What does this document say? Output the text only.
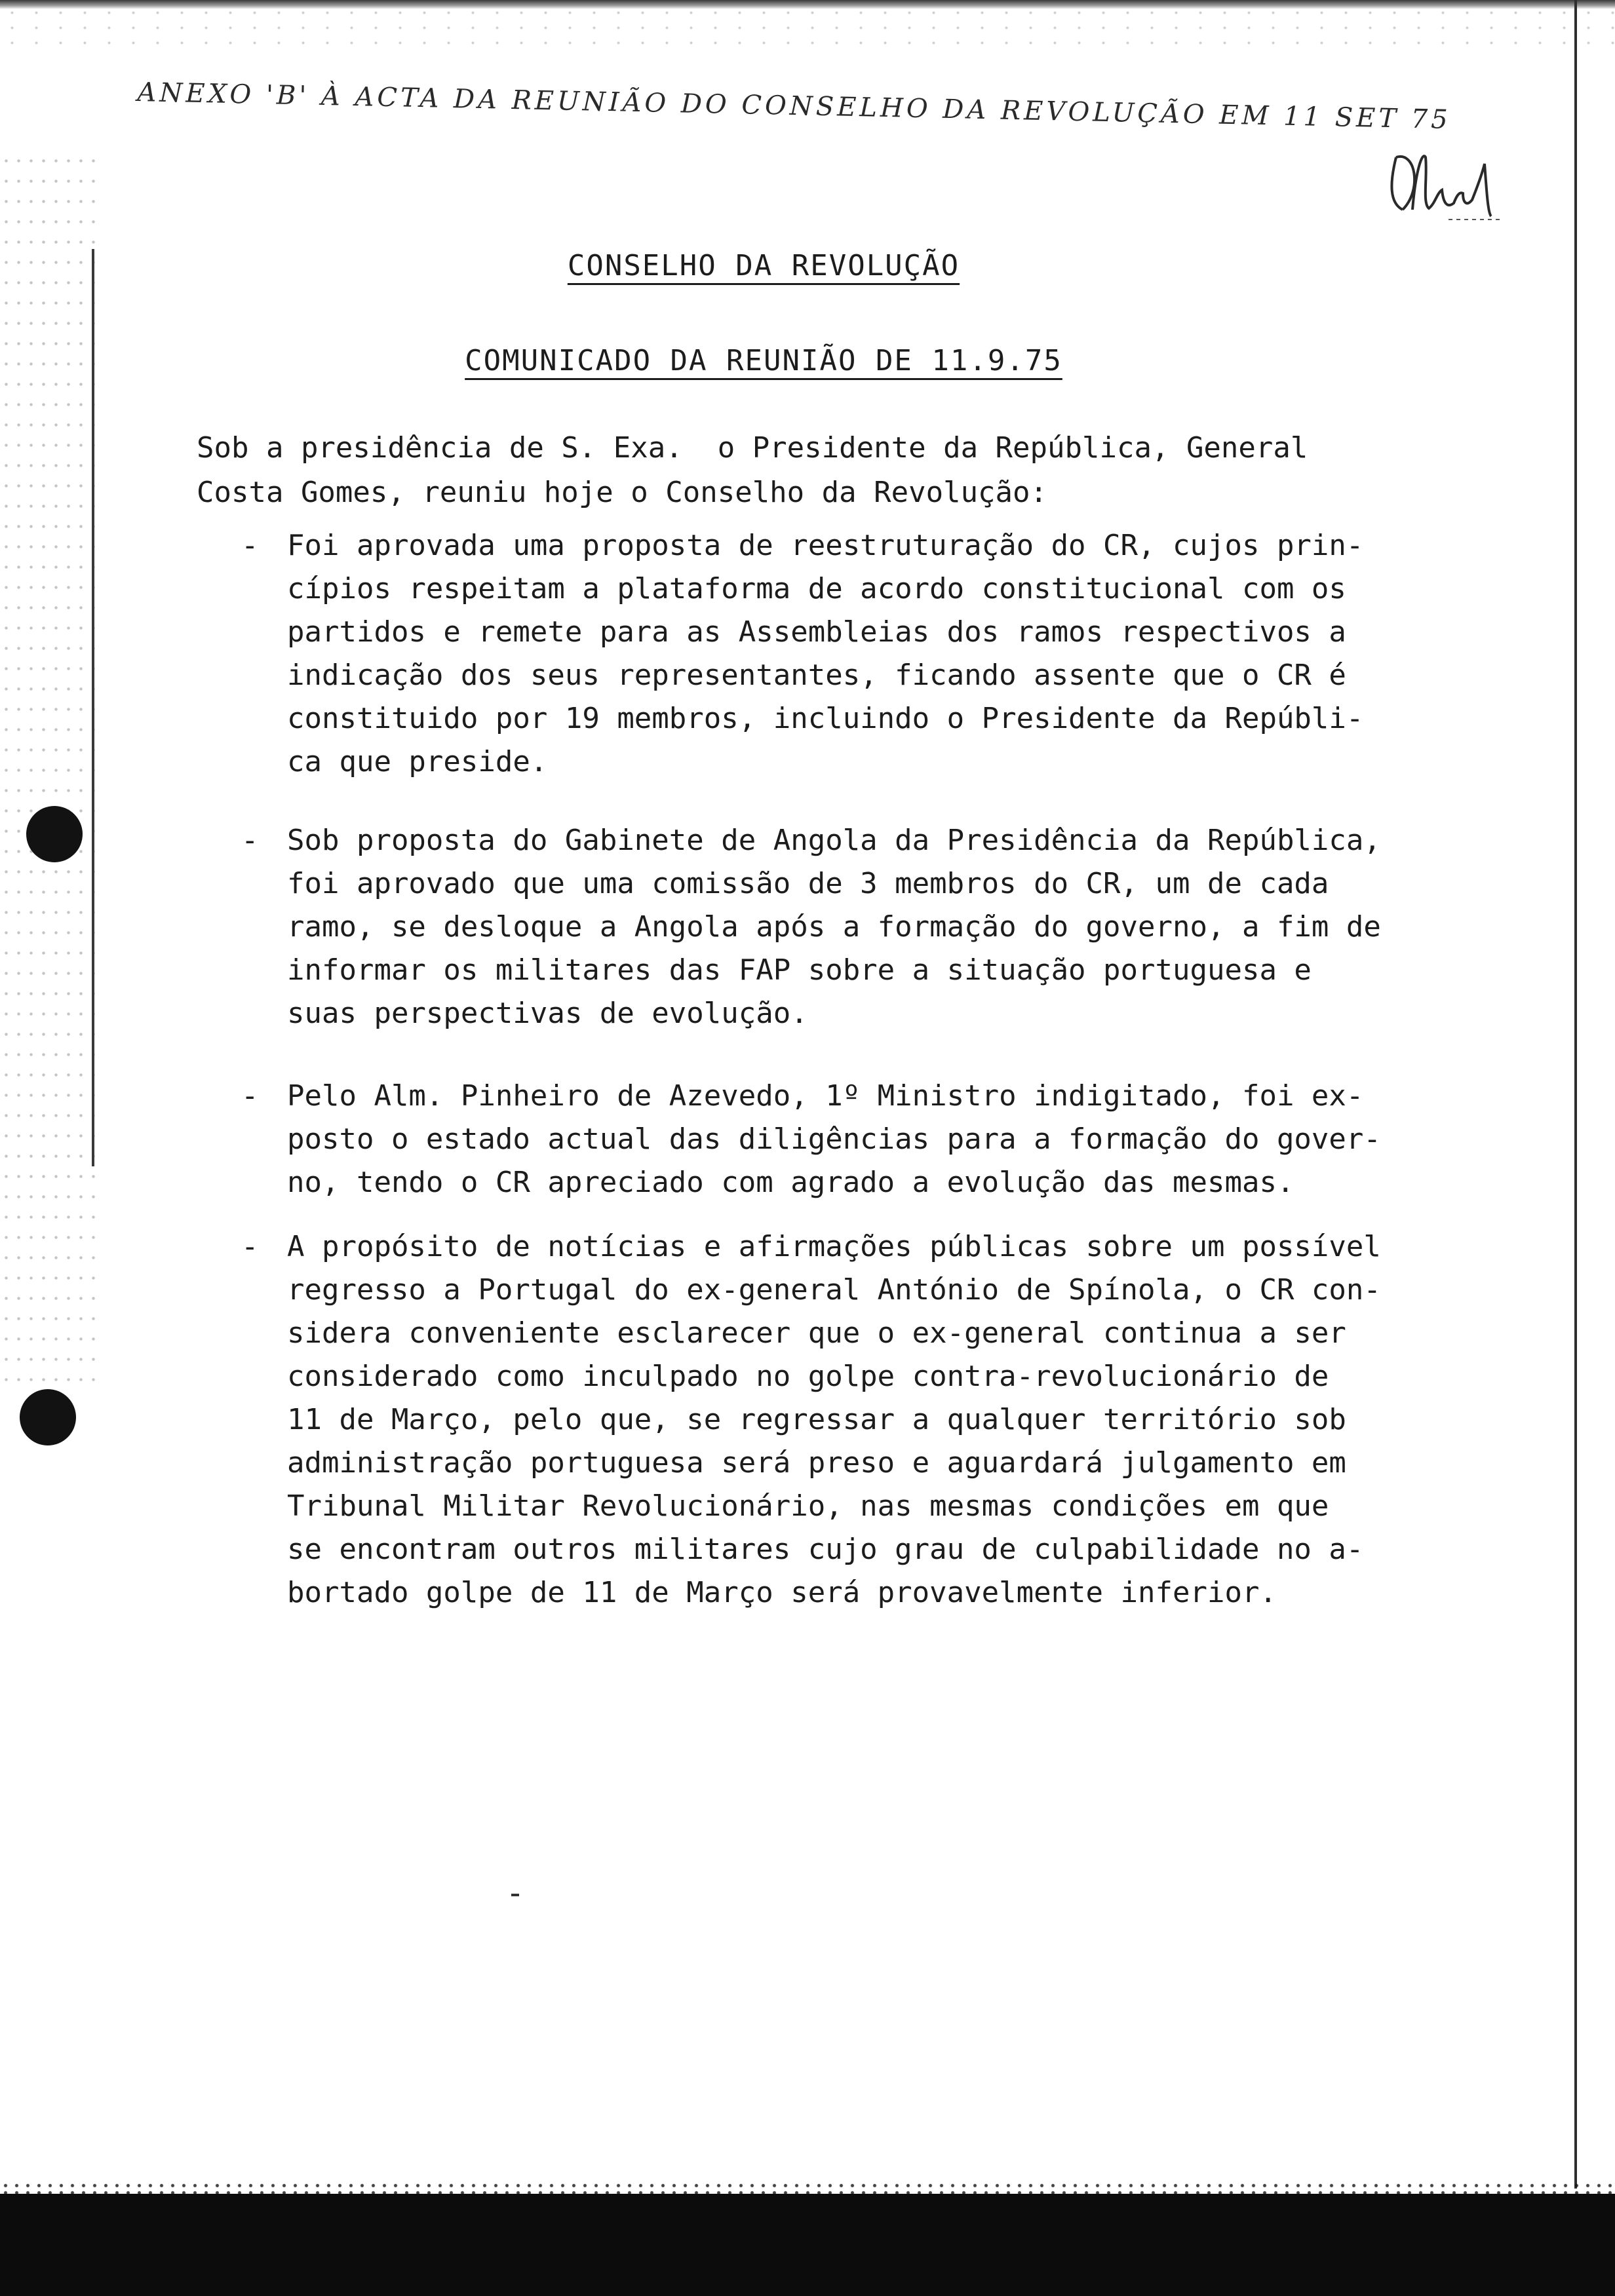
ANEXO 'B' À ACTA DA REUNIÃO DO CONSELHO DA REVOLUÇÃO EM 11 SET 75
CONSELHO DA REVOLUÇÃO
COMUNICADO DA REUNIÃO DE 11.9.75
Sob a presidência de S. Exa.  o Presidente da República, General
Costa Gomes, reuniu hoje o Conselho da Revolução:
- Foi aprovada uma proposta de reestruturação do CR, cujos prin-
cípios respeitam a plataforma de acordo constitucional com os
partidos e remete para as Assembleias dos ramos respectivos a
indicação dos seus representantes, ficando assente que o CR é
constituido por 19 membros, incluindo o Presidente da Repúbli-
ca que preside.
- Sob proposta do Gabinete de Angola da Presidência da República,
foi aprovado que uma comissão de 3 membros do CR, um de cada
ramo, se desloque a Angola após a formação do governo, a fim de
informar os militares das FAP sobre a situação portuguesa e
suas perspectivas de evolução.
- Pelo Alm. Pinheiro de Azevedo, 1º Ministro indigitado, foi ex-
posto o estado actual das diligências para a formação do gover-
no, tendo o CR apreciado com agrado a evolução das mesmas.
- A propósito de notícias e afirmações públicas sobre um possível
regresso a Portugal do ex-general António de Spínola, o CR con-
sidera conveniente esclarecer que o ex-general continua a ser
considerado como inculpado no golpe contra-revolucionário de
11 de Março, pelo que, se regressar a qualquer território sob
administração portuguesa será preso e aguardará julgamento em
Tribunal Militar Revolucionário, nas mesmas condições em que
se encontram outros militares cujo grau de culpabilidade no a-
bortado golpe de 11 de Março será provavelmente inferior.
